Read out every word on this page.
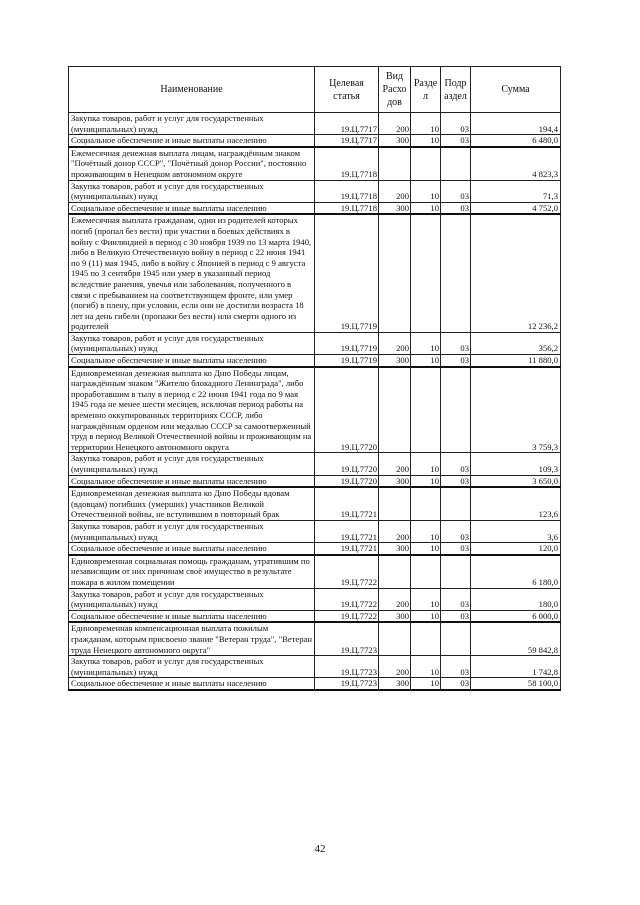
Наименование	Целевая статья	Вид Расхо дов	Разде л	Подр аздел	Сумма
Закупка товаров, работ и услуг для государственных (муниципальных) нужд	19.Ц.7717	200	10	03	194,4
Социальное обеспечение и иные выплаты населению	19.Ц.7717	300	10	03	6 480,0
Ежемесячная денежная выплата лицам, награждённым знаком "Почётный донор СССР", "Почётный донор России", постоянно проживающим в Ненецком автономном округе	19.Ц.7718				4 823,3
Закупка товаров, работ и услуг для государственных (муниципальных) нужд	19.Ц.7718	200	10	03	71,3
Социальное обеспечение и иные выплаты населению	19.Ц.7718	300	10	03	4 752,0
Ежемесячная выплата гражданам, один из родителей которых погиб (пропал без вести) при участии в боевых действиях в войну с Финляндией в период с 30 ноября 1939 по 13 марта 1940, либо в Великую Отечественную войну в период с 22 июня 1941 по 9 (11) мая 1945, либо в войну с Японией в период с 9 августа 1945 по 3 сентября 1945 или умер в указанный период вследствие ранения, увечья или заболевания, полученного в связи с пребыванием на соответствующем фронте, или умер (погиб) в плену, при условии, если они не достигли возраста 18 лет на день гибели (пропажи без вести) или смерти одного из родителей	19.Ц.7719				12 236,2
Закупка товаров, работ и услуг для государственных (муниципальных) нужд	19.Ц.7719	200	10	03	356,2
Социальное обеспечение и иные выплаты населению	19.Ц.7719	300	10	03	11 880,0
Единовременная денежная выплата ко Дню Победы лицам, награждённым знаком "Жителю блокадного Ленинграда", либо проработавшим в тылу в период с 22 июня 1941 года по 9 мая 1945 года не менее шести месяцев, исключая период работы на временно оккупированных территориях СССР, либо награждённым орденом или медалью СССР за самоотверженный труд в период Великой Отечественной войны и проживающим на территории Ненецкого автономного округа	19.Ц.7720				3 759,3
Закупка товаров, работ и услуг для государственных (муниципальных) нужд	19.Ц.7720	200	10	03	109,3
Социальное обеспечение и иные выплаты населению	19.Ц.7720	300	10	03	3 650,0
Единовременная денежная выплата ко Дню Победы вдовам (вдовцам) погибших (умерших) участников Великой Отечественной войны, не вступившим в повторный брак	19.Ц.7721				123,6
Закупка товаров, работ и услуг для государственных (муниципальных) нужд	19.Ц.7721	200	10	03	3,6
Социальное обеспечение и иные выплаты населению	19.Ц.7721	300	10	03	120,0
Единовременная социальная помощь гражданам, утратившим по независящим от них причинам своё имущество в результате пожара в жилом помещении	19.Ц.7722				6 180,0
Закупка товаров, работ и услуг для государственных (муниципальных) нужд	19.Ц.7722	200	10	03	180,0
Социальное обеспечение и иные выплаты населению	19.Ц.7722	300	10	03	6 000,0
Единовременная компенсационная выплата пожилым гражданам, которым присвоено звание "Ветеран труда", "Ветеран труда Ненецкого автономного округа"	19.Ц.7723				59 842,8
Закупка товаров, работ и услуг для государственных (муниципальных) нужд	19.Ц.7723	200	10	03	1 742,8
Социальное обеспечение и иные выплаты населению	19.Ц.7723	300	10	03	58 100,0
42
